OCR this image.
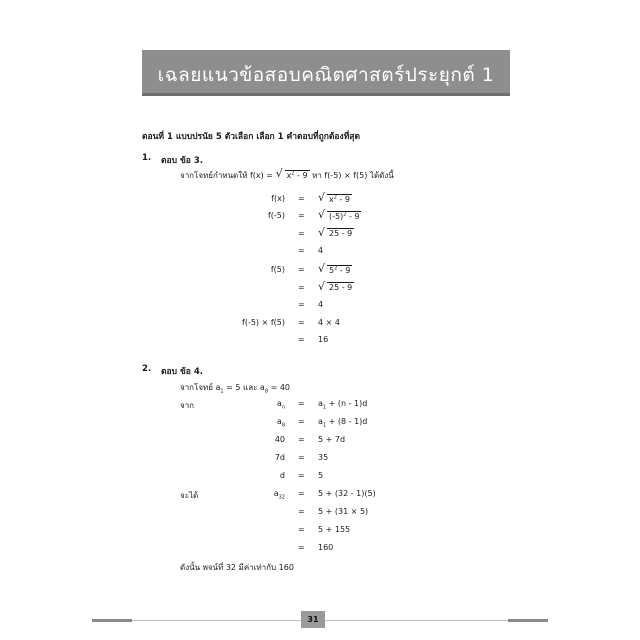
เฉลยแนวข้อสอบคณิตศาสตร์ประยุกต์ 1
ตอนที่ 1 แบบปรนัย 5 ตัวเลือก เลือก 1 คำตอบที่ถูกต้องที่สุด
1. ตอบ ข้อ 3.
จากโจทย์กำหนดให้ f(x) = √ $x^2 - 9$ หา f(-5) × f(5) ได้ดังนี้
f(x) = √ $x^2 - 9$
f(-5) = √ $(-5)^2 - 9$
= √ 25 - 9
= 4
f(5) = √ $5^2 - 9$
= √ 25 - 9
= 4
f(-5) × f(5) = 4 × 4
= 16
2. ตอบ ข้อ 4.
จากโจทย์ $a_1 = 5$ และ $a_8 = 40$
จาก	$a_n = a_1 + (n - 1)d$
$a_8 = a_1 + (8 - 1)d$
40 = 5 + 7d
7d = 35
d = 5
จะได้	$a_{32} = 5 + (32 - 1)(5)$
= 5 + (31 × 5)
= 5 + 155
= 160
ดังนั้น พจน์ที่ 32 มีค่าเท่ากับ 160
31
